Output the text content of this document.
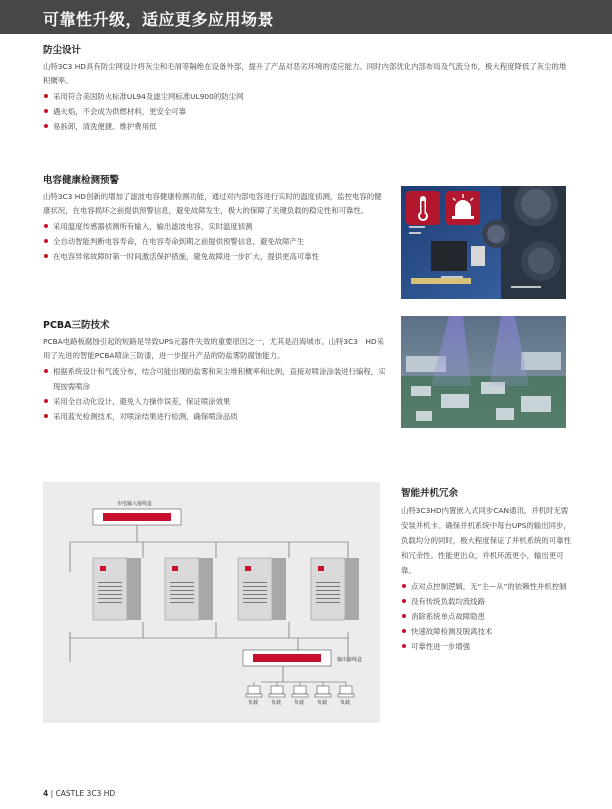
可靠性升级，适应更多应用场景
防尘设计

山特3C3 HD具有防尘网设计将灰尘和毛屑等隔绝在设备外部，提升了产品对恶劣环境的适应能力。同时内部优化内部布局及气流分布，极大程度降低了灰尘的堆积概率。

采用符合美国防火标准UL94及滤尘网标准UL900的防尘网
遇火焰，不会成为供燃材料，更安全可靠
易拆卸，清洗便捷。维护费用低
电容健康检测预警

山特3C3 HD创新的增加了滤波电容健康检测功能，通过对内部电容进行实时的温度侦测，监控电容的健康状况，在电容损坏之前提供预警信息，避免故障发生，极大的保障了关键负载的稳定性和可靠性。

采用温度传感器侦测所有输入，输出滤波电容，实时温度侦测
全自动智能判断电容寿命，在电容寿命到期之前提供预警信息，避免故障产生
在电容异常故障时第一时间激活保护措施，避免故障进一步扩大，提供更高可靠性
PCBA三防技术

PCBA电路板腐蚀引起的短路是导致UPS元器件失效的重要原因之一，尤其是沿海城市。山特3C3　HD采用了先进的智能PCBA喷涂三防漆，进一步提升产品的防盐雾防腐蚀能力。

根据系统设计和气流分布，结合可能出现的盐雾和灰尘堆积概率和比例，直接对喷涂涂装进行编程，实现按需喷涂
采用全自动化设计，避免人力操作误差，保证喷涂效果
采用蓝光检测技术，对喷涂结果进行检测，确保喷涂品质
市电输入接线盒
输出接线盒
负载	负载	负载	负载	负载
智能并机冗余

山特3C3HD内置嵌入式同步CAN通讯，并机时无需安装并机卡。确保并机系统中每台UPS的输出同步，负载均分的同时，极大程度保证了并机系统的可靠性和冗余性。性能更出众，并机环流更小，输出更可靠。

点对点控制逻辑，无“主—从”的依赖性并机控制
没有传统负载均流线路
消除系统单点故障隐患
快速故障检测及脱离技术
可靠性进一步增强
4 | CASTLE 3C3 HD
